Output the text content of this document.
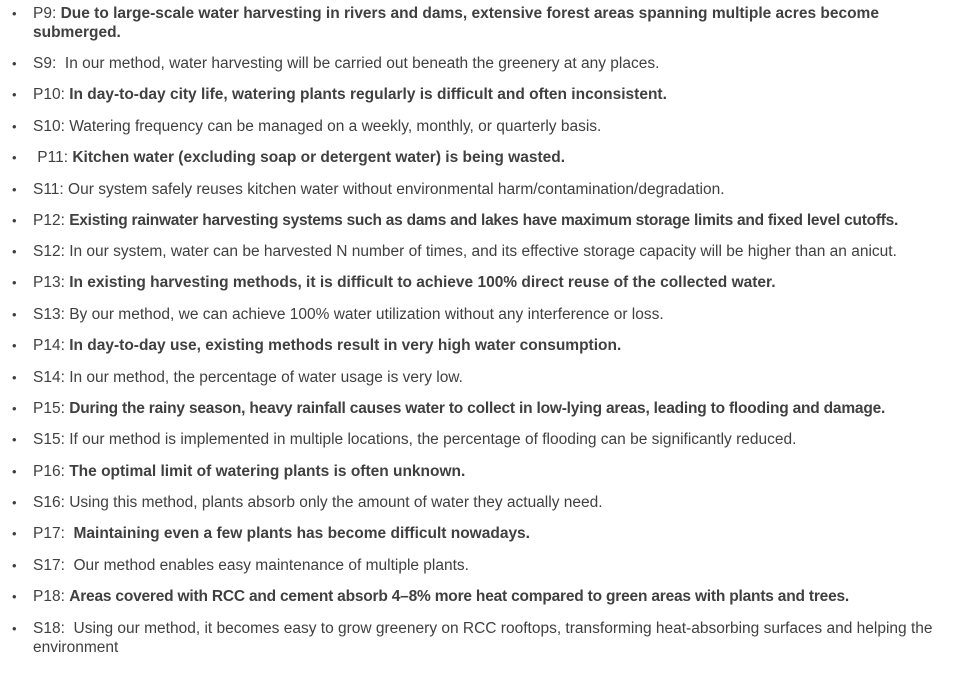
• P9: Due to large-scale water harvesting in rivers and dams, extensive forest areas spanning multiple acres become submerged.
• S9:  In our method, water harvesting will be carried out beneath the greenery at any places.
• P10: In day-to-day city life, watering plants regularly is difficult and often inconsistent.
• S10: Watering frequency can be managed on a weekly, monthly, or quarterly basis.
• P11: Kitchen water (excluding soap or detergent water) is being wasted.
• S11: Our system safely reuses kitchen water without environmental harm/contamination/degradation.
• P12: Existing rainwater harvesting systems such as dams and lakes have maximum storage limits and fixed level cutoffs.
• S12: In our system, water can be harvested N number of times, and its effective storage capacity will be higher than an anicut.
• P13: In existing harvesting methods, it is difficult to achieve 100% direct reuse of the collected water.
• S13: By our method, we can achieve 100% water utilization without any interference or loss.
• P14: In day-to-day use, existing methods result in very high water consumption.
• S14: In our method, the percentage of water usage is very low.
• P15: During the rainy season, heavy rainfall causes water to collect in low-lying areas, leading to flooding and damage.
• S15: If our method is implemented in multiple locations, the percentage of flooding can be significantly reduced.
• P16: The optimal limit of watering plants is often unknown.
• S16: Using this method, plants absorb only the amount of water they actually need.
• P17:  Maintaining even a few plants has become difficult nowadays.
• S17:  Our method enables easy maintenance of multiple plants.
• P18: Areas covered with RCC and cement absorb 4–8% more heat compared to green areas with plants and trees.
• S18:  Using our method, it becomes easy to grow greenery on RCC rooftops, transforming heat-absorbing surfaces and helping the environment
